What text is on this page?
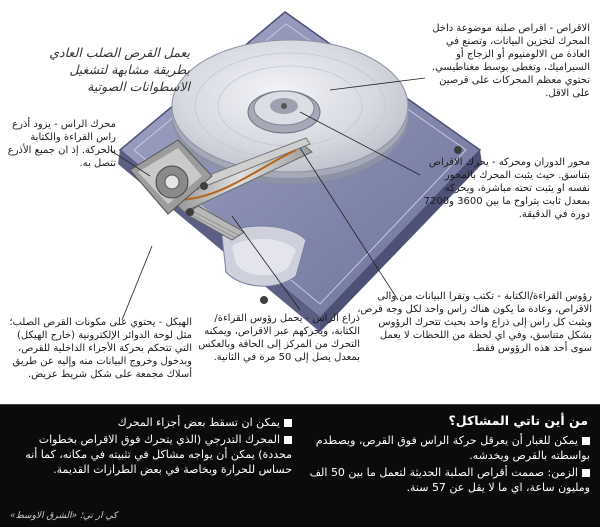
يعمل القرص الصلب العادي بطريقة مشابهة لتشغيل الاسطوانات الصوتية
الاقراص - اقراص صلبة موضوعة داخل المحرك لتخزين البيانات، وتصنع في العادة من الالومنيوم أو الزجاج أو السيراميك، وتغطى بوسط مغناطيسي. تحتوي معظم المحركات على قرصين على الاقل.
محرك الراس - يزود أذرع راس القراءة والكتابة بالحركة. إذ ان جميع الأذرع تتصل به.	محور الدوران ومحركه - يحرك الاقراص بتناسق. حيث يثبت المحرك بالمحور نفسه او يثبت تحته مباشرة، ويحركه بمعدل ثابت يتراوح ما بين 3600 و7200 دورة في الدقيقة.
رؤوس القراءة/الكتابة - تكتب وتقرا البيانات من والى الاقراص، وعادة ما يكون هناك راس واحد لكل وجه قرص، ويثبت كل راس إلى ذراع واحد بحيث تتحرك الرؤوس بشكل متناسق، وفي اي لحظة من اللحظات لا يعمل سوى أحد هذه الرؤوس فقط.
ذراع الراس - يحمل رؤوس القراءة/الكتابة، ويحركهم عبر الاقراص، ويمكنه التحرك من المركز إلى الحافة وبالعكس بمعدل يصل إلى 50 مرة في الثانية.
الهيكل - يحتوي على مكونات القرص الصلب؛ مثل لوحة الدوائر الإلكترونية (خارج الهيكل) التي تتحكم بحركة الأجزاء الداخلية للقرص، وبدخول وخروج البيانات منه وإليه عن طريق أسلاك مجمعة على شكل شريط عريض.
من أين تاتي المشاكل؟
يمكن للغبار أن يعرقل حركة الراس فوق القرص، ويصطدم بواسطته بالقرص ويخدشه.
الزمن: صممت أقراص الصلبة الحديثة لتعمل ما بين 50 الف ومليون ساعة، اي ما لا يقل عن 57 سنة.
يمكن ان تسقط بعض أجزاء المحرك
المحرك التدرجي (الذي يتحرك فوق الاقراص بخطوات محددة) يمكن أن يواجه مشاكل في تثبيته في مكانه، كما أنه حساس للحرارة وبخاصة في بعض الطرازات القديمة.
كي ار تي؛ «الشرق الاوسط»
